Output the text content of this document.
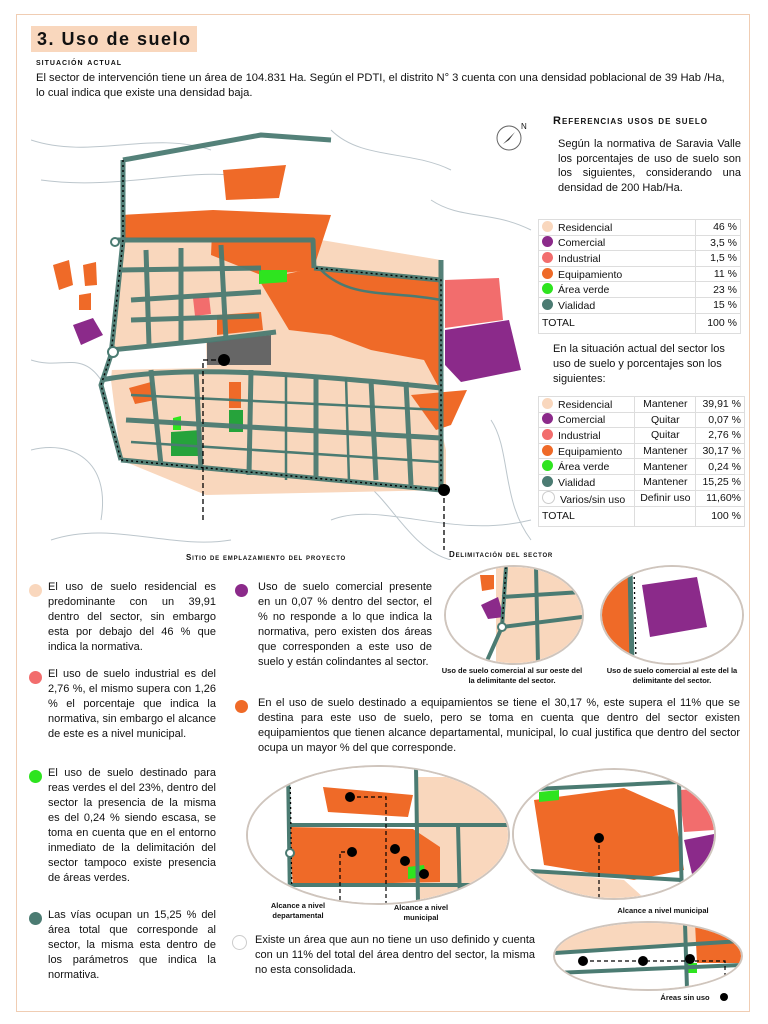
3. Uso de suelo
situación actual
El sector de intervención tiene un área de 104.831 Ha. Según el PDTI, el distrito N° 3 cuenta con una densidad poblacional de 39 Hab /Ha, lo cual indica que existe una densidad baja.
N
Sitio de emplazamiento del proyecto	Delimitación del sector
Referencias usos de suelo
Según la normativa de Saravia Valle los porcentajes de uso de suelo son los siguientes, considerando una densidad de 200 Hab/Ha.
Residencial	46 %
Comercial	3,5 %
Industrial	1,5 %
Equipamiento	11 %
Área verde	23 %
Vialidad	15 %
TOTAL	100 %
En la situación actual del sector los uso de suelo y porcentajes son los siguientes:
Residencial	Mantener	39,91 %
Comercial	Quitar	0,07 %
Industrial	Quitar	2,76 %
Equipamiento	Mantener	30,17 %
Área verde	Mantener	0,24 %
Vialidad	Mantener	15,25 %
Varios/sin uso	Definir uso	11,60%
TOTAL		100 %
El uso de suelo residencial es predominante con un 39,91 dentro del sector, sin embargo esta por debajo del 46 % que indica la normativa.
El uso de suelo industrial es del 2,76 %, el mismo supera con 1,26 % el porcentaje que indica la normativa, sin embargo el alcance de este es a nivel municipal.
El uso de suelo destinado para reas verdes el del 23%, dentro del sector la presencia de la misma es del 0,24 % siendo escasa, se toma en cuenta que en el entorno inmediato de la delimitación del sector tampoco existe presencia de áreas verdes.
Las vías ocupan un 15,25 % del área total que corresponde al sector, la misma esta dentro de los parámetros que indica la normativa.
Uso de suelo comercial presente en un 0,07 % dentro del sector, el % no responde a lo que indica la normativa, pero existen dos áreas que corresponden a este uso de suelo y están colindantes al sector.
En el uso de suelo destinado a equipamientos se tiene el 30,17 %, este supera el 11% que se destina para este uso de suelo, pero se toma en cuenta que dentro del sector existen equipamientos que tienen alcance departamental, municipal, lo cual justifica que dentro del sector ocupa un mayor % del que corresponde.
Existe un área que aun no tiene un uso definido y cuenta con un 11% del total del área dentro del sector, la misma no esta consolidada.
Uso de suelo comercial al sur oeste del la delimitante del sector.
Uso de suelo comercial al este del la delimitante del sector.
Alcance a nivel departamental
Alcance a nivel municipal
Alcance a nivel municipal
Áreas sin uso
